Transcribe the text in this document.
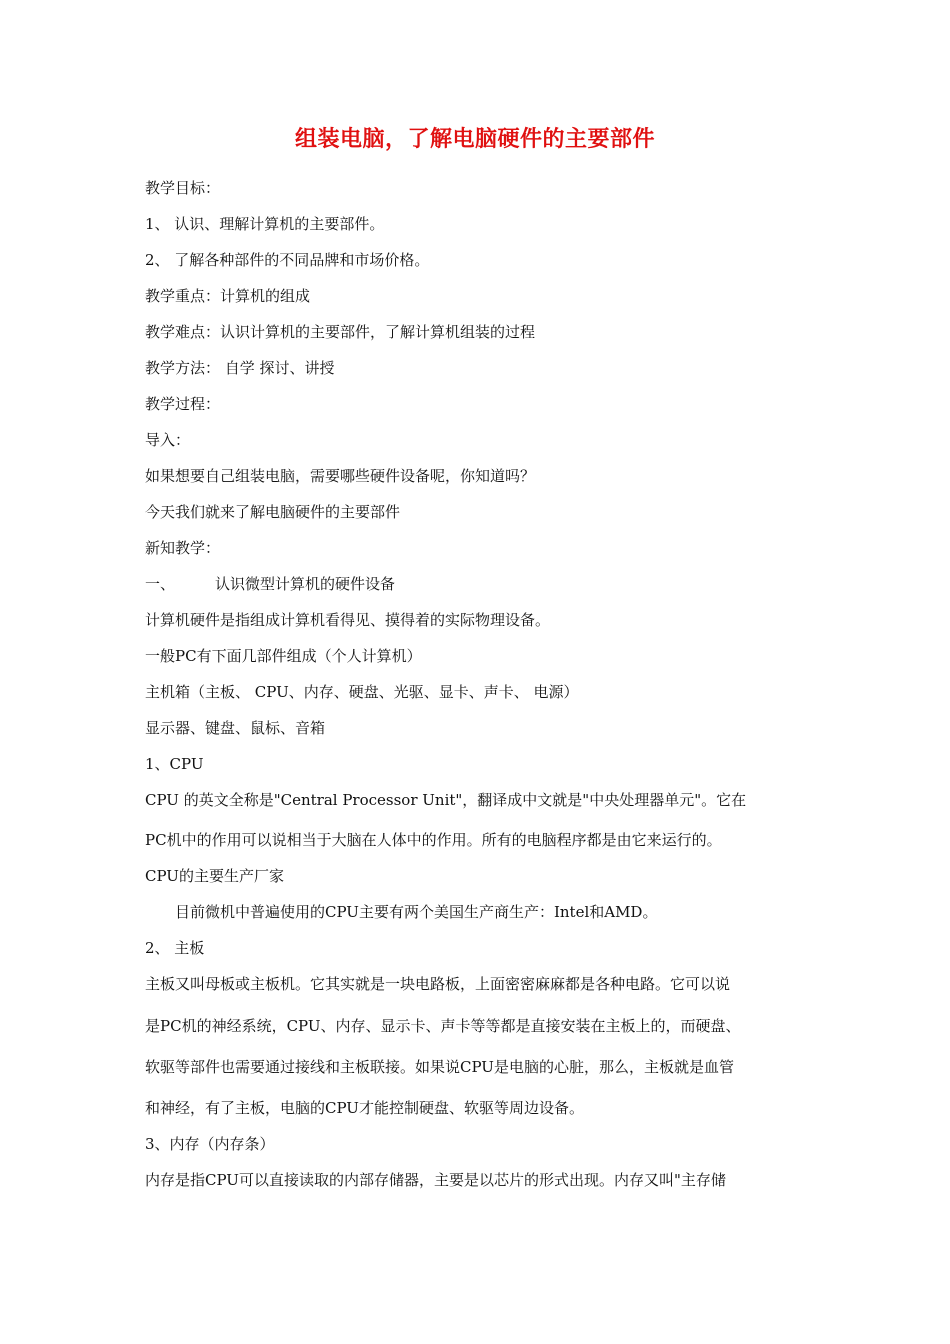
组装电脑，了解电脑硬件的主要部件
教学目标：
1、 认识、理解计算机的主要部件。
2、 了解各种部件的不同品牌和市场价格。
教学重点：计算机的组成
教学难点：认识计算机的主要部件，了解计算机组装的过程
教学方法： 自学 探讨、讲授
教学过程：
导入：
如果想要自己组装电脑，需要哪些硬件设备呢，你知道吗？
今天我们就来了解电脑硬件的主要部件
新知教学：
一、	认识微型计算机的硬件设备
计算机硬件是指组成计算机看得见、摸得着的实际物理设备。
一般PC有下面几部件组成（个人计算机）
主机箱（主板、 CPU、内存、硬盘、光驱、显卡、声卡、 电源）
显示器、键盘、鼠标、音箱
1、CPU
CPU 的英文全称是"Central Processor Unit"，翻译成中文就是"中央处理器单元"。它在
PC机中的作用可以说相当于大脑在人体中的作用。所有的电脑程序都是由它来运行的。
CPU的主要生产厂家
目前微机中普遍使用的CPU主要有两个美国生产商生产：Intel和AMD。
2、 主板
主板又叫母板或主板机。它其实就是一块电路板，上面密密麻麻都是各种电路。它可以说
是PC机的神经系统，CPU、内存、显示卡、声卡等等都是直接安装在主板上的，而硬盘、
软驱等部件也需要通过接线和主板联接。如果说CPU是电脑的心脏，那么，主板就是血管
和神经，有了主板，电脑的CPU才能控制硬盘、软驱等周边设备。
3、内存（内存条）
内存是指CPU可以直接读取的内部存储器，主要是以芯片的形式出现。内存又叫"主存储
